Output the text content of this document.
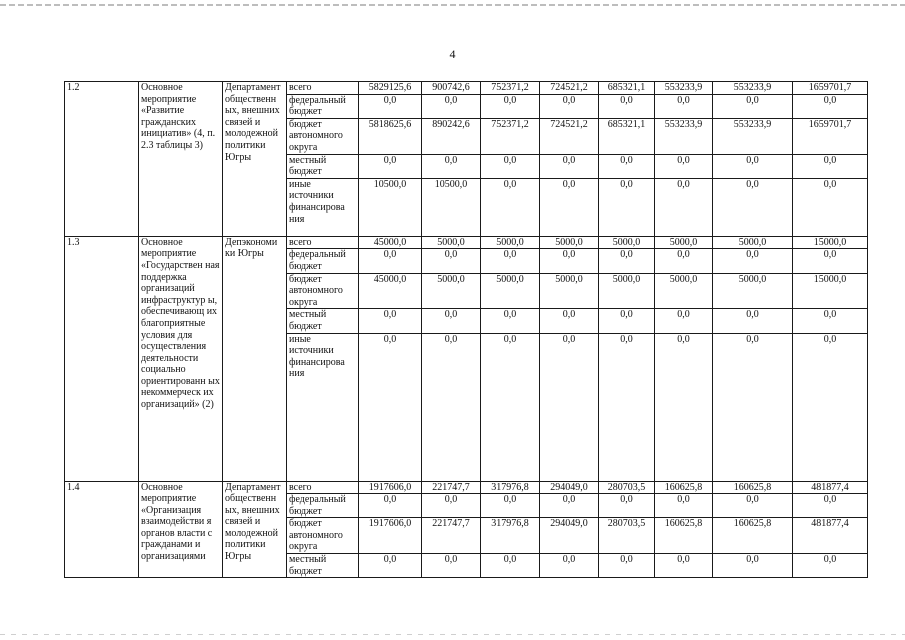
4
1.2	Основное мероприятие «Развитие гражданских инициатив» (4, п. 2.3 таблицы 3)	Департамент общественн ых, внешних связей и молодежной политики Югры	всего	5829125,6	900742,6	752371,2	724521,2	685321,1	553233,9	553233,9	1659701,7
			федеральный бюджет	0,0	0,0	0,0	0,0	0,0	0,0	0,0	0,0
			бюджет автономного округа	5818625,6	890242,6	752371,2	724521,2	685321,1	553233,9	553233,9	1659701,7
			местный бюджет	0,0	0,0	0,0	0,0	0,0	0,0	0,0	0,0
			иные источники финансирова ния	10500,0	10500,0	0,0	0,0	0,0	0,0	0,0	0,0
1.3	Основное мероприятие «Государствен ная поддержка организаций инфраструктур ы, обеспечивающ их благоприятные условия для осуществления деятельности социально ориентированн ых некоммерческ их организаций» (2)	Депэкономи ки Югры	всего	45000,0	5000,0	5000,0	5000,0	5000,0	5000,0	5000,0	15000,0
			федеральный бюджет	0,0	0,0	0,0	0,0	0,0	0,0	0,0	0,0
			бюджет автономного округа	45000,0	5000,0	5000,0	5000,0	5000,0	5000,0	5000,0	15000,0
			местный бюджет	0,0	0,0	0,0	0,0	0,0	0,0	0,0	0,0
			иные источники финансирова ния	0,0	0,0	0,0	0,0	0,0	0,0	0,0	0,0
1.4	Основное мероприятие «Организация взаимодействи я органов власти с гражданами и организациями	Департамент общественн ых, внешних связей и молодежной политики Югры	всего	1917606,0	221747,7	317976,8	294049,0	280703,5	160625,8	160625,8	481877,4
			федеральный бюджет	0,0	0,0	0,0	0,0	0,0	0,0	0,0	0,0
			бюджет автономного округа	1917606,0	221747,7	317976,8	294049,0	280703,5	160625,8	160625,8	481877,4
			местный бюджет	0,0	0,0	0,0	0,0	0,0	0,0	0,0	0,0
